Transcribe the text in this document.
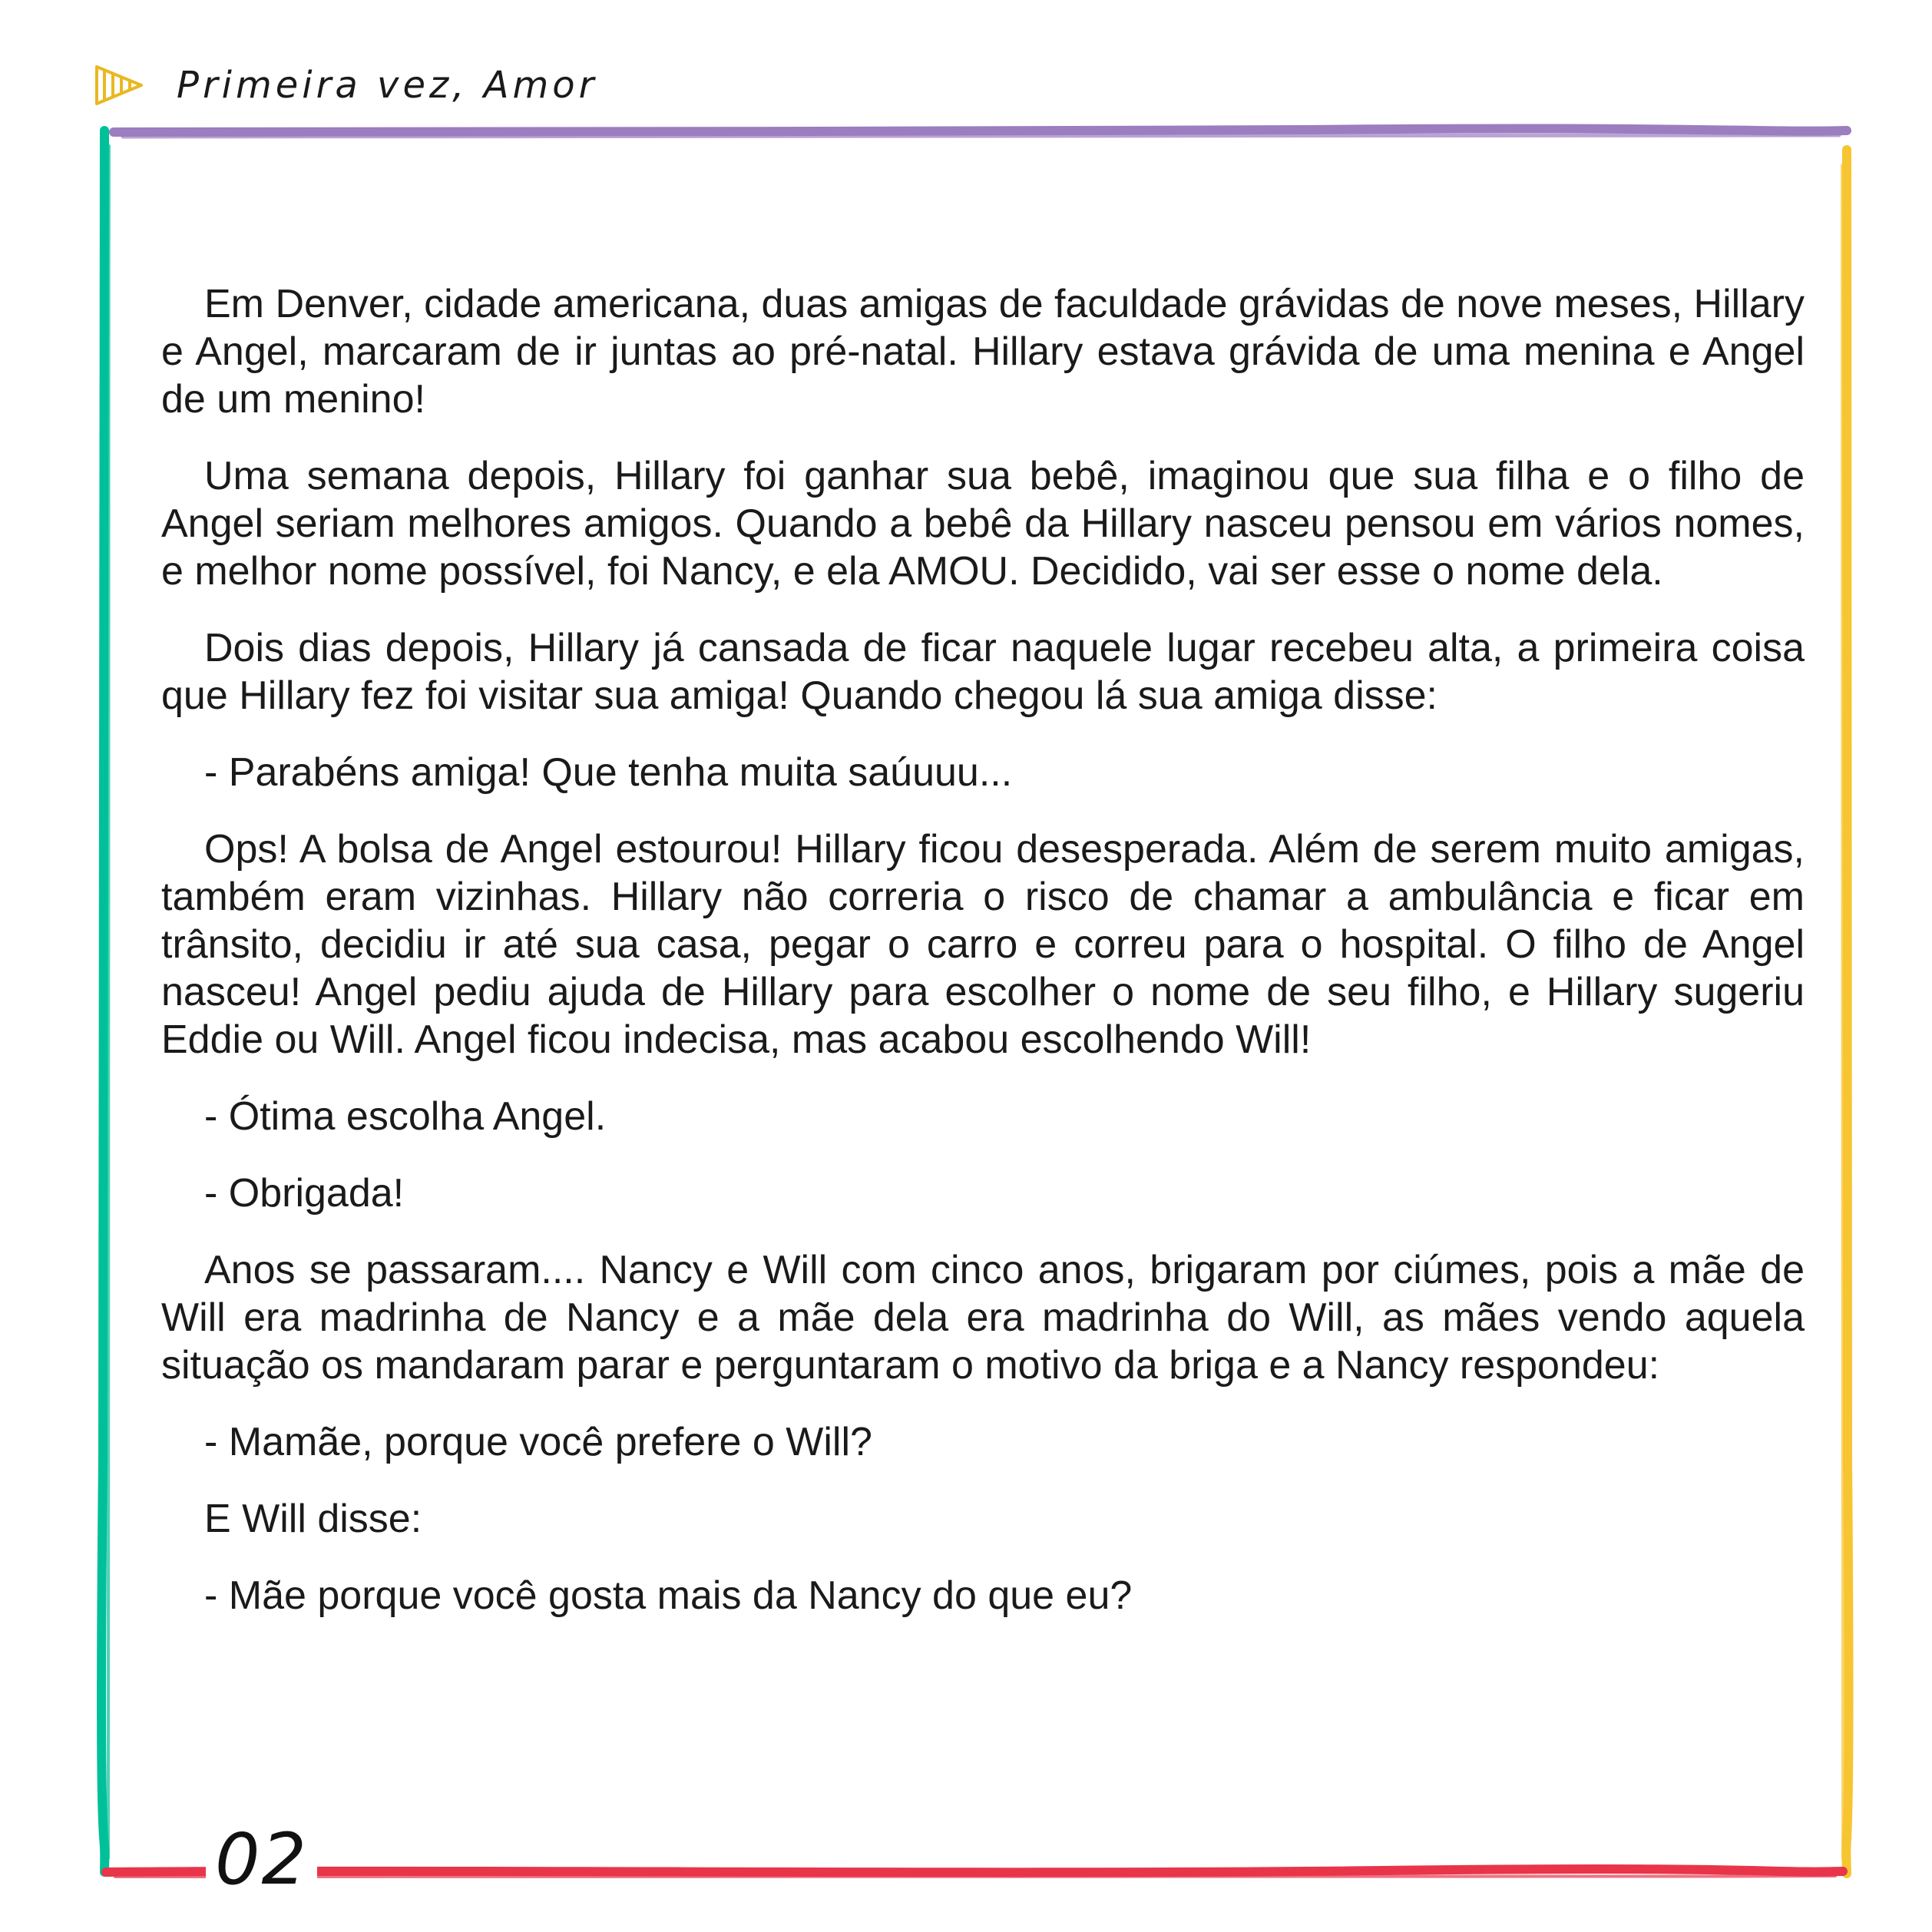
Primeira vez, Amor

Em Denver, cidade americana, duas amigas de faculdade grávidas de nove meses, Hillary e Angel, marcaram de ir juntas ao pré-natal. Hillary estava grávida de uma menina e Angel de um menino!

Uma semana depois, Hillary foi ganhar sua bebê, imaginou que sua filha e o filho de Angel seriam melhores amigos. Quando a bebê da Hillary nasceu pensou em vários nomes, e melhor nome possível, foi Nancy, e ela AMOU. Decidido, vai ser esse o nome dela.

Dois dias depois, Hillary já cansada de ficar naquele lugar recebeu alta, a primeira coisa que Hillary fez foi visitar sua amiga! Quando chegou lá sua amiga disse:

- Parabéns amiga! Que tenha muita saúuuu...

Ops! A bolsa de Angel estourou! Hillary ficou desesperada. Além de serem muito amigas, também eram vizinhas. Hillary não correria o risco de chamar a ambulância e ficar em trânsito, decidiu ir até sua casa, pegar o carro e correu para o hospital. O filho de Angel nasceu! Angel pediu ajuda de Hillary para escolher o nome de seu filho, e Hillary sugeriu Eddie ou Will. Angel ficou indecisa, mas acabou escolhendo Will!

- Ótima escolha Angel.

- Obrigada!

Anos se passaram.... Nancy e Will com cinco anos, brigaram por ciúmes, pois a mãe de Will era madrinha de Nancy e a mãe dela era madrinha do Will, as mães vendo aquela situação os mandaram parar e perguntaram o motivo da briga e a Nancy respondeu:

- Mamãe, porque você prefere o Will?

E Will disse:

- Mãe porque você gosta mais da Nancy do que eu?

02
